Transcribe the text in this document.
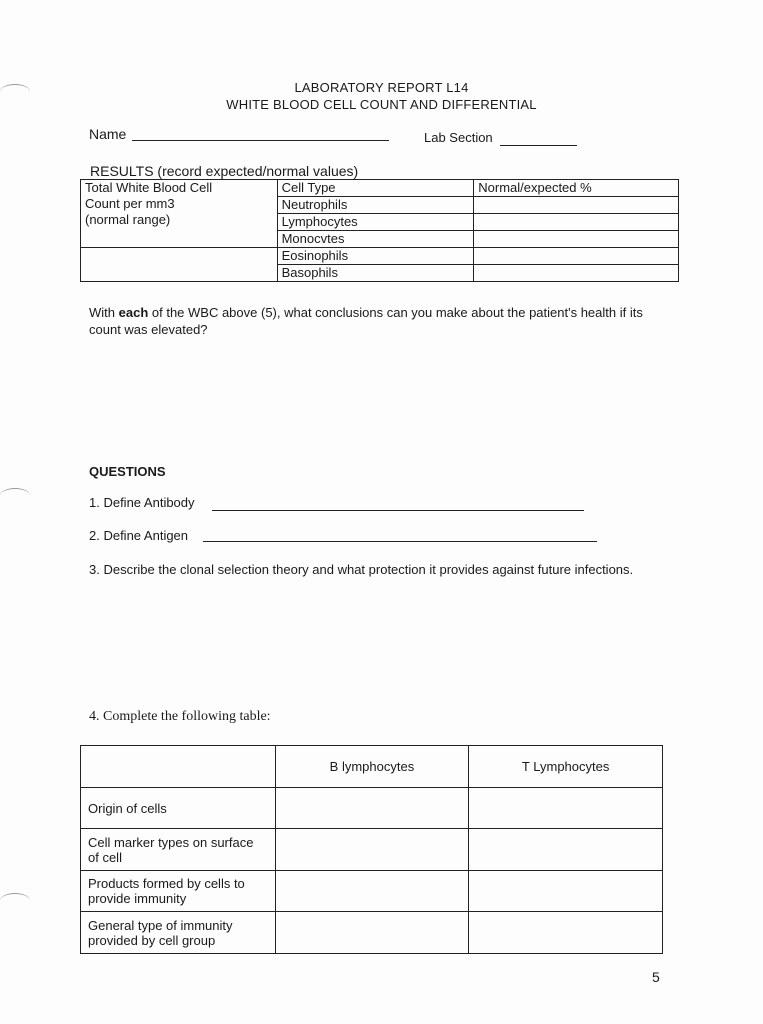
LABORATORY REPORT L14
WHITE BLOOD CELL COUNT AND DIFFERENTIAL
Name	Lab Section
RESULTS (record expected/normal values)
Total White Blood Cell
Count per mm3
(normal range)	Cell Type	Normal/expected %
	Neutrophils	
	Lymphocytes	
	Monocvtes	
	Eosinophils	
	Basophils	
With each of the WBC above (5), what conclusions can you make about the patient's health if its count was elevated?
QUESTIONS
1. Define Antibody
2. Define Antigen
3. Describe the clonal selection theory and what protection it provides against future infections.
4. Complete the following table:
	B lymphocytes	T Lymphocytes
Origin of cells		
Cell marker types on surface of cell		
Products formed by cells to provide immunity		
General type of immunity provided by cell group		
5
